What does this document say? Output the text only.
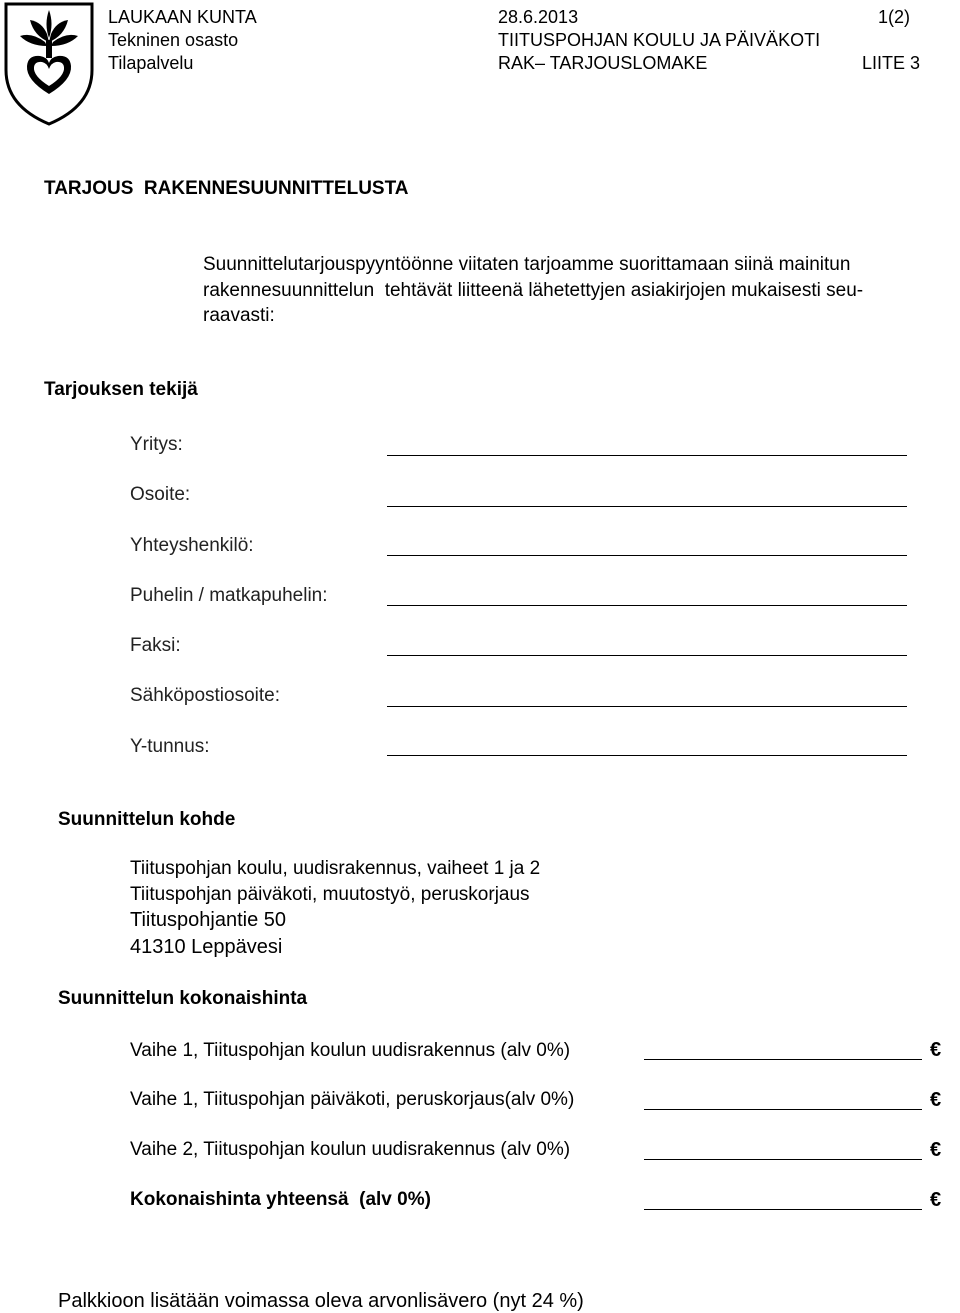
LAUKAAN KUNTA
Tekninen osasto
Tilapalvelu
28.6.2013
TIITUSPOHJAN KOULU JA PÄIVÄKOTI
RAK– TARJOUSLOMAKE
1(2)
LIITE 3
TARJOUS  RAKENNESUUNNITTELUSTA
Suunnittelutarjouspyyntöönne viitaten tarjoamme suorittamaan siinä mainitun
rakennesuunnittelun  tehtävät liitteenä lähetettyjen asiakirjojen mukaisesti seu-
raavasti:
Tarjouksen tekijä
Yritys:
Osoite:
Yhteyshenkilö:
Puhelin / matkapuhelin:
Faksi:
Sähköpostiosoite:
Y-tunnus:
Suunnittelun kohde
Tiituspohjan koulu, uudisrakennus, vaiheet 1 ja 2
Tiituspohjan päiväkoti, muutostyö, peruskorjaus
Tiituspohjantie 50
41310 Leppävesi
Suunnittelun kokonaishinta
Vaihe 1, Tiituspohjan koulun uudisrakennus (alv 0%)	€
Vaihe 1, Tiituspohjan päiväkoti, peruskorjaus(alv 0%)	€
Vaihe 2, Tiituspohjan koulun uudisrakennus (alv 0%)	€
Kokonaishinta yhteensä  (alv 0%)	€
Palkkioon lisätään voimassa oleva arvonlisävero (nyt 24 %)
